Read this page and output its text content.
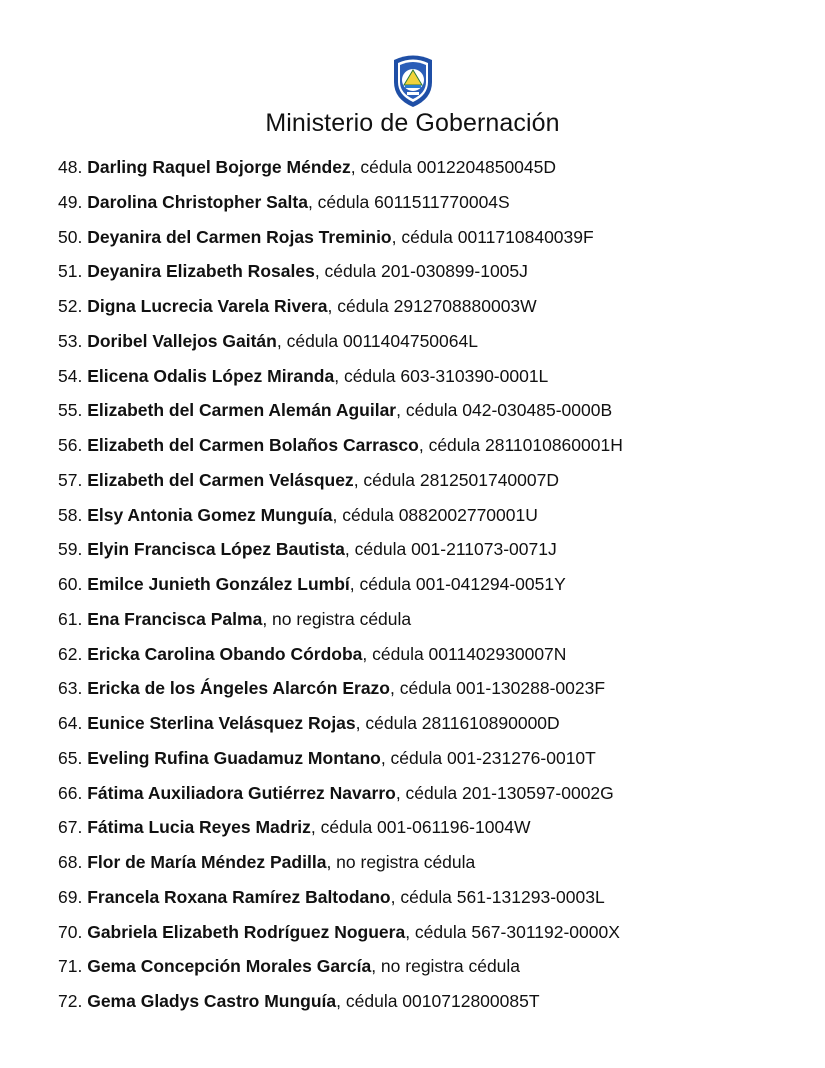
Ministerio de Gobernación
48. Darling Raquel Bojorge Méndez, cédula 0012204850045D
49. Darolina Christopher Salta, cédula 6011511770004S
50. Deyanira del Carmen Rojas Treminio, cédula 0011710840039F
51. Deyanira Elizabeth Rosales, cédula 201-030899-1005J
52. Digna Lucrecia Varela Rivera, cédula 2912708880003W
53. Doribel Vallejos Gaitán, cédula 0011404750064L
54. Elicena Odalis López Miranda, cédula 603-310390-0001L
55. Elizabeth del Carmen Alemán Aguilar, cédula 042-030485-0000B
56. Elizabeth del Carmen Bolaños Carrasco, cédula 2811010860001H
57. Elizabeth del Carmen Velásquez, cédula 2812501740007D
58. Elsy Antonia Gomez Munguía, cédula 0882002770001U
59. Elyin Francisca López Bautista, cédula 001-211073-0071J
60. Emilce Junieth González Lumbí, cédula 001-041294-0051Y
61. Ena Francisca Palma, no registra cédula
62. Ericka Carolina Obando Córdoba, cédula 0011402930007N
63. Ericka de los Ángeles Alarcón Erazo, cédula 001-130288-0023F
64. Eunice Sterlina Velásquez Rojas, cédula 2811610890000D
65. Eveling Rufina Guadamuz Montano, cédula 001-231276-0010T
66. Fátima Auxiliadora Gutiérrez Navarro, cédula 201-130597-0002G
67. Fátima Lucia Reyes Madriz, cédula 001-061196-1004W
68. Flor de María Méndez Padilla, no registra cédula
69. Francela Roxana Ramírez Baltodano, cédula 561-131293-0003L
70. Gabriela Elizabeth Rodríguez Noguera, cédula 567-301192-0000X
71. Gema Concepción Morales García, no registra cédula
72. Gema Gladys Castro Munguía, cédula 0010712800085T
